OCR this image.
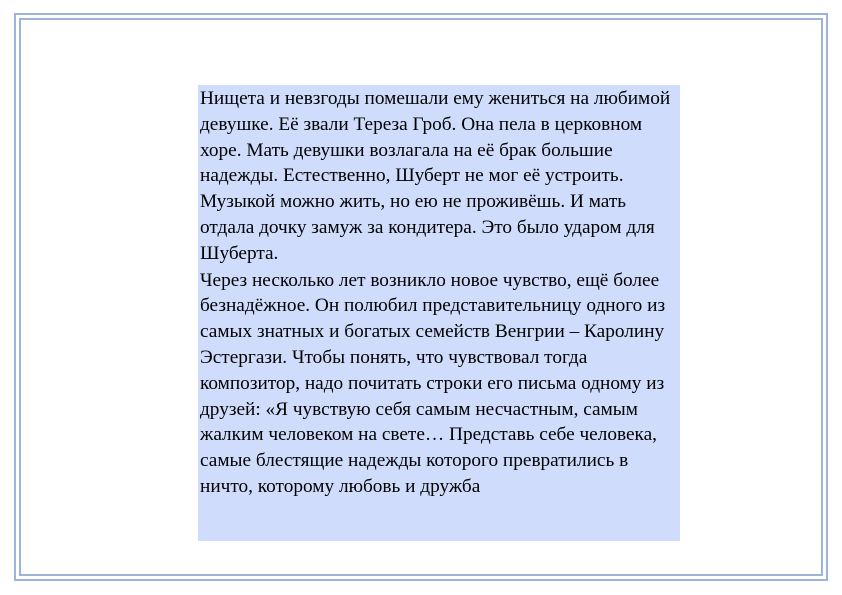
Нищета и невзгоды помешали ему жениться на любимой девушке. Её звали Тереза Гроб. Она пела в церковном хоре. Мать девушки возлагала на её брак большие надежды. Естественно, Шуберт не мог её устроить. Музыкой можно жить, но ею не проживёшь. И мать отдала дочку замуж за кондитера. Это было ударом для Шуберта.

Через несколько лет возникло новое чувство, ещё более безнадёжное. Он полюбил представительницу одного из самых знатных и богатых семейств Венгрии – Каролину Эстергази. Чтобы понять, что чувствовал тогда композитор, надо почитать строки его письма одному из друзей: «Я чувствую себя самым несчастным, самым жалким человеком на свете… Представь себе человека, самые блестящие надежды которого превратились в ничто, которому любовь и дружба
